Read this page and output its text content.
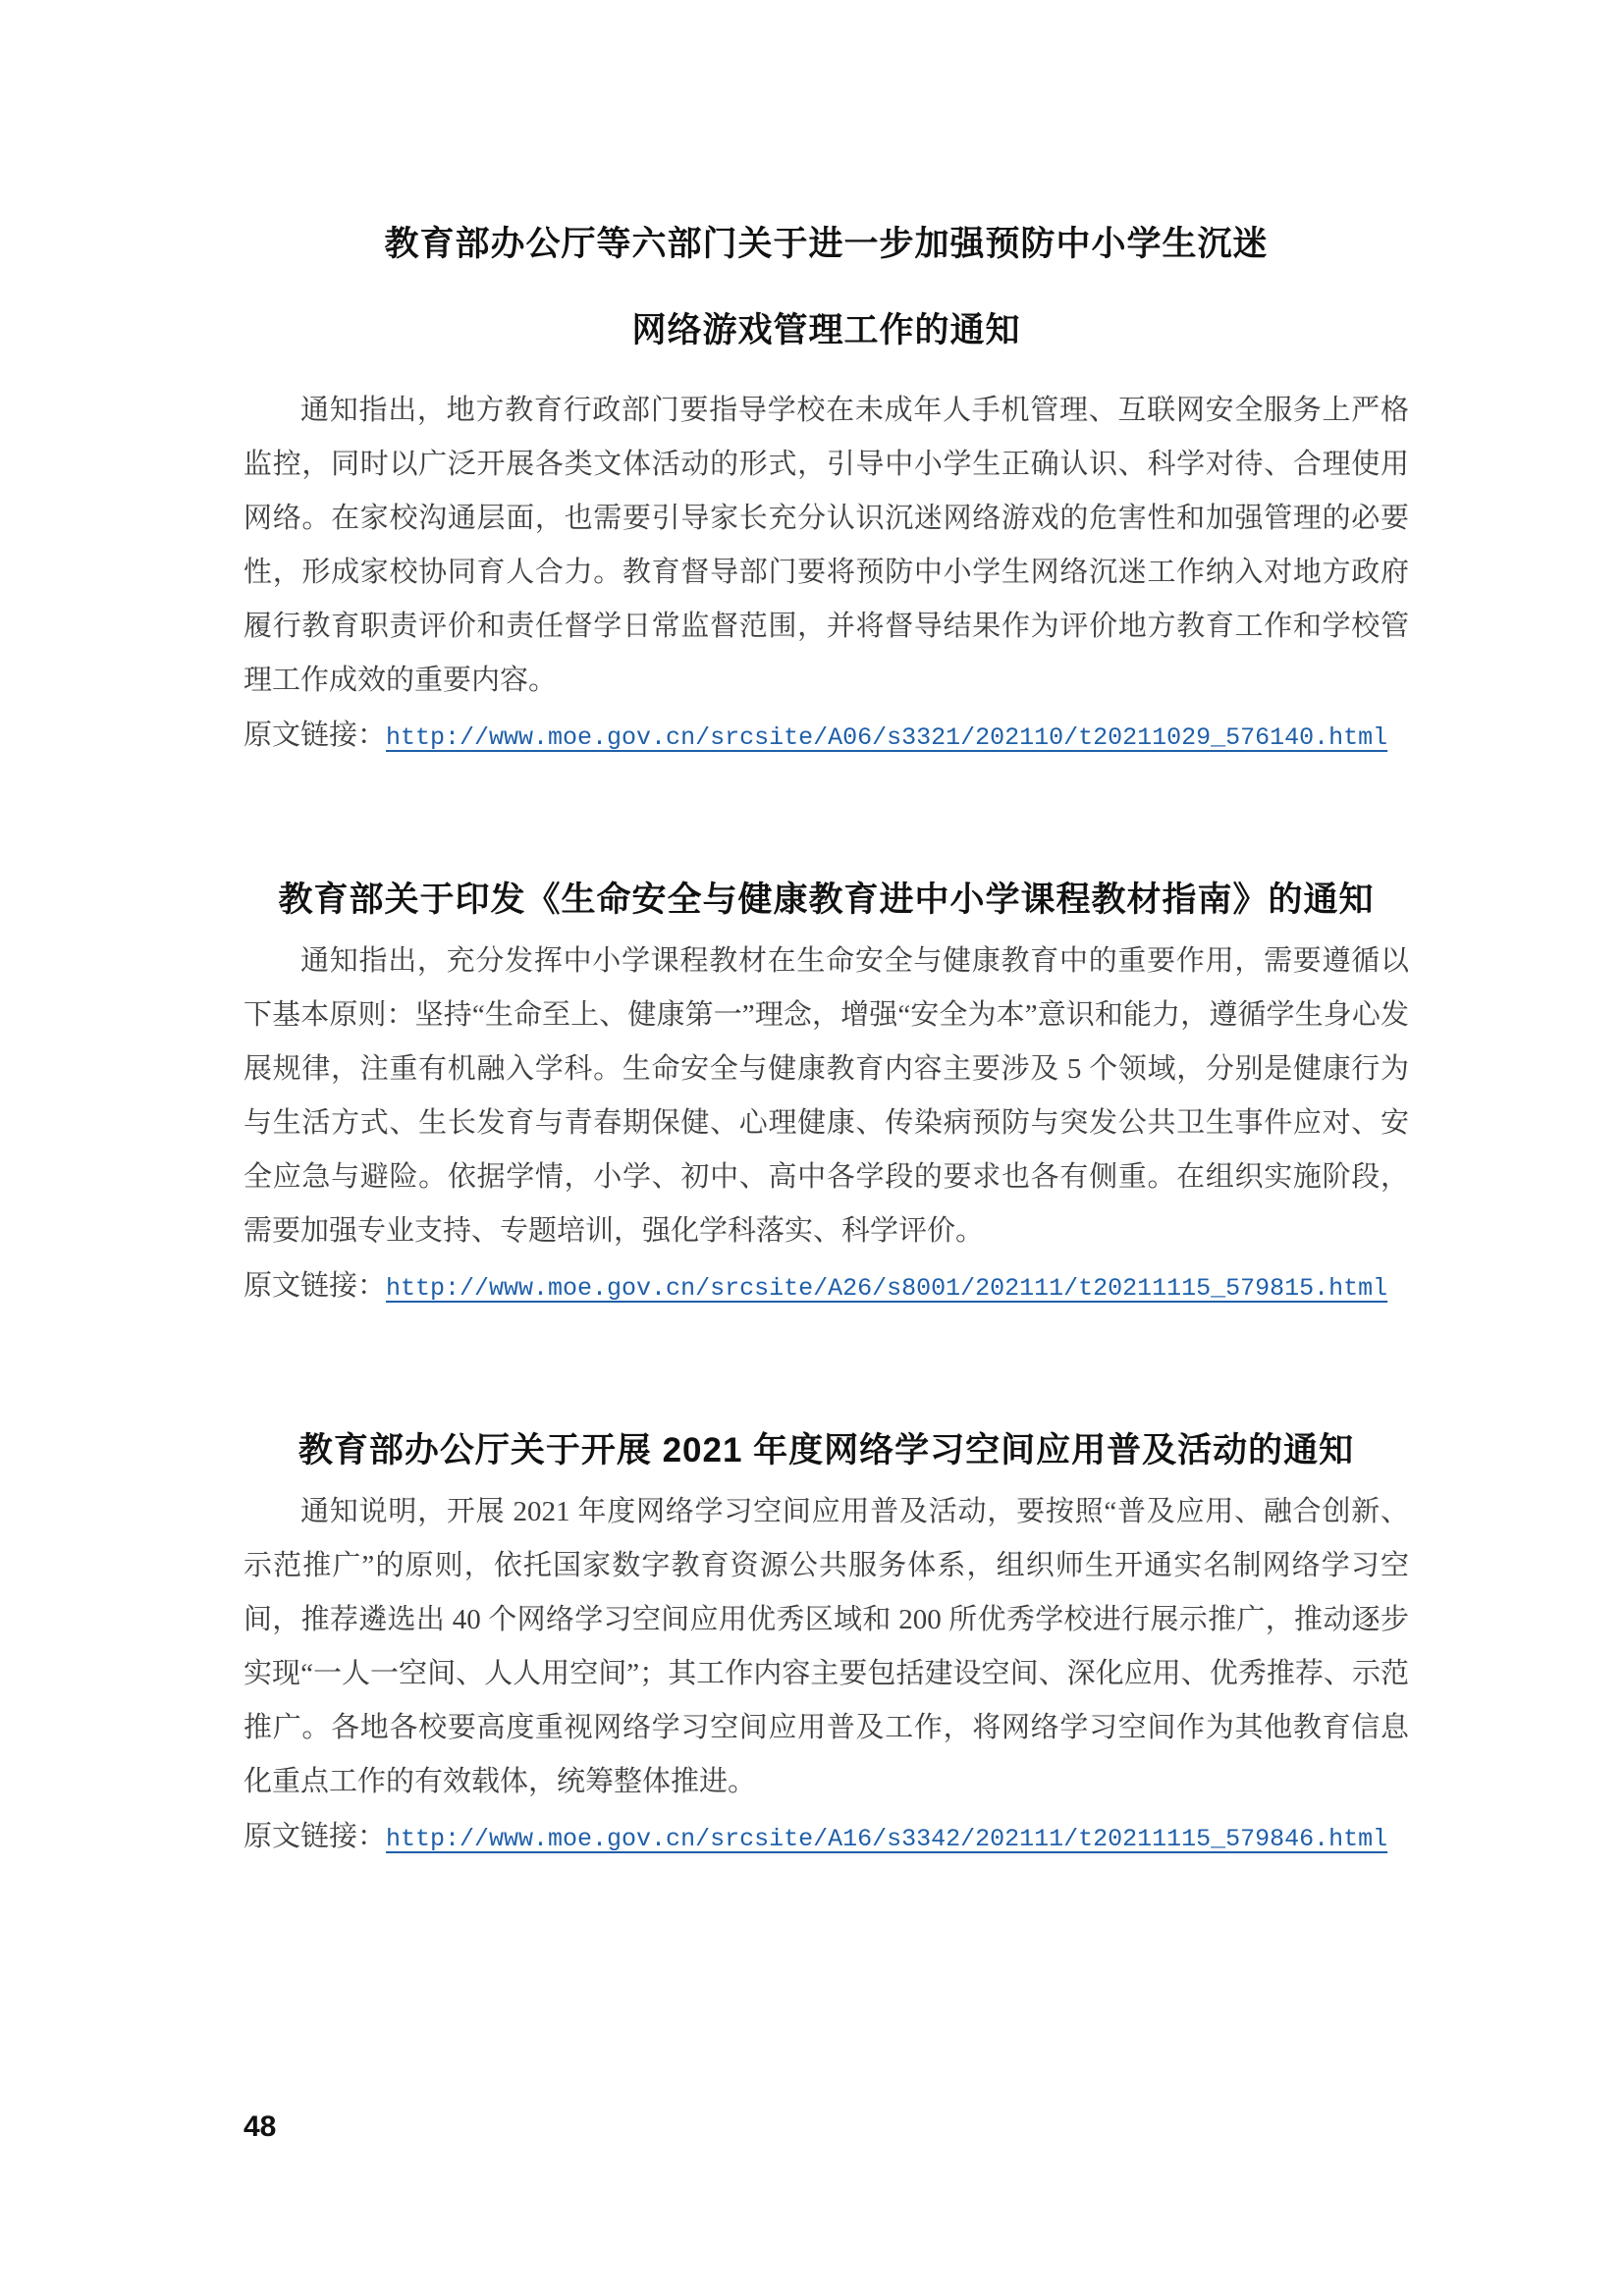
教育部办公厅等六部门关于进一步加强预防中小学生沉迷
网络游戏管理工作的通知

通知指出，地方教育行政部门要指导学校在未成年人手机管理、互联网安全服务上严格监控，同时以广泛开展各类文体活动的形式，引导中小学生正确认识、科学对待、合理使用网络。在家校沟通层面，也需要引导家长充分认识沉迷网络游戏的危害性和加强管理的必要性，形成家校协同育人合力。教育督导部门要将预防中小学生网络沉迷工作纳入对地方政府履行教育职责评价和责任督学日常监督范围，并将督导结果作为评价地方教育工作和学校管理工作成效的重要内容。

原文链接：http://www.moe.gov.cn/srcsite/A06/s3321/202110/t20211029_576140.html

教育部关于印发《生命安全与健康教育进中小学课程教材指南》的通知

通知指出，充分发挥中小学课程教材在生命安全与健康教育中的重要作用，需要遵循以下基本原则：坚持“生命至上、健康第一”理念，增强“安全为本”意识和能力，遵循学生身心发展规律，注重有机融入学科。生命安全与健康教育内容主要涉及 5 个领域，分别是健康行为与生活方式、生长发育与青春期保健、心理健康、传染病预防与突发公共卫生事件应对、安全应急与避险。依据学情，小学、初中、高中各学段的要求也各有侧重。在组织实施阶段，需要加强专业支持、专题培训，强化学科落实、科学评价。

原文链接：http://www.moe.gov.cn/srcsite/A26/s8001/202111/t20211115_579815.html

教育部办公厅关于开展 2021 年度网络学习空间应用普及活动的通知

通知说明，开展 2021 年度网络学习空间应用普及活动，要按照“普及应用、融合创新、示范推广”的原则，依托国家数字教育资源公共服务体系，组织师生开通实名制网络学习空间，推荐遴选出 40 个网络学习空间应用优秀区域和 200 所优秀学校进行展示推广，推动逐步实现“一人一空间、人人用空间”；其工作内容主要包括建设空间、深化应用、优秀推荐、示范推广。各地各校要高度重视网络学习空间应用普及工作，将网络学习空间作为其他教育信息化重点工作的有效载体，统筹整体推进。

原文链接：http://www.moe.gov.cn/srcsite/A16/s3342/202111/t20211115_579846.html

48
